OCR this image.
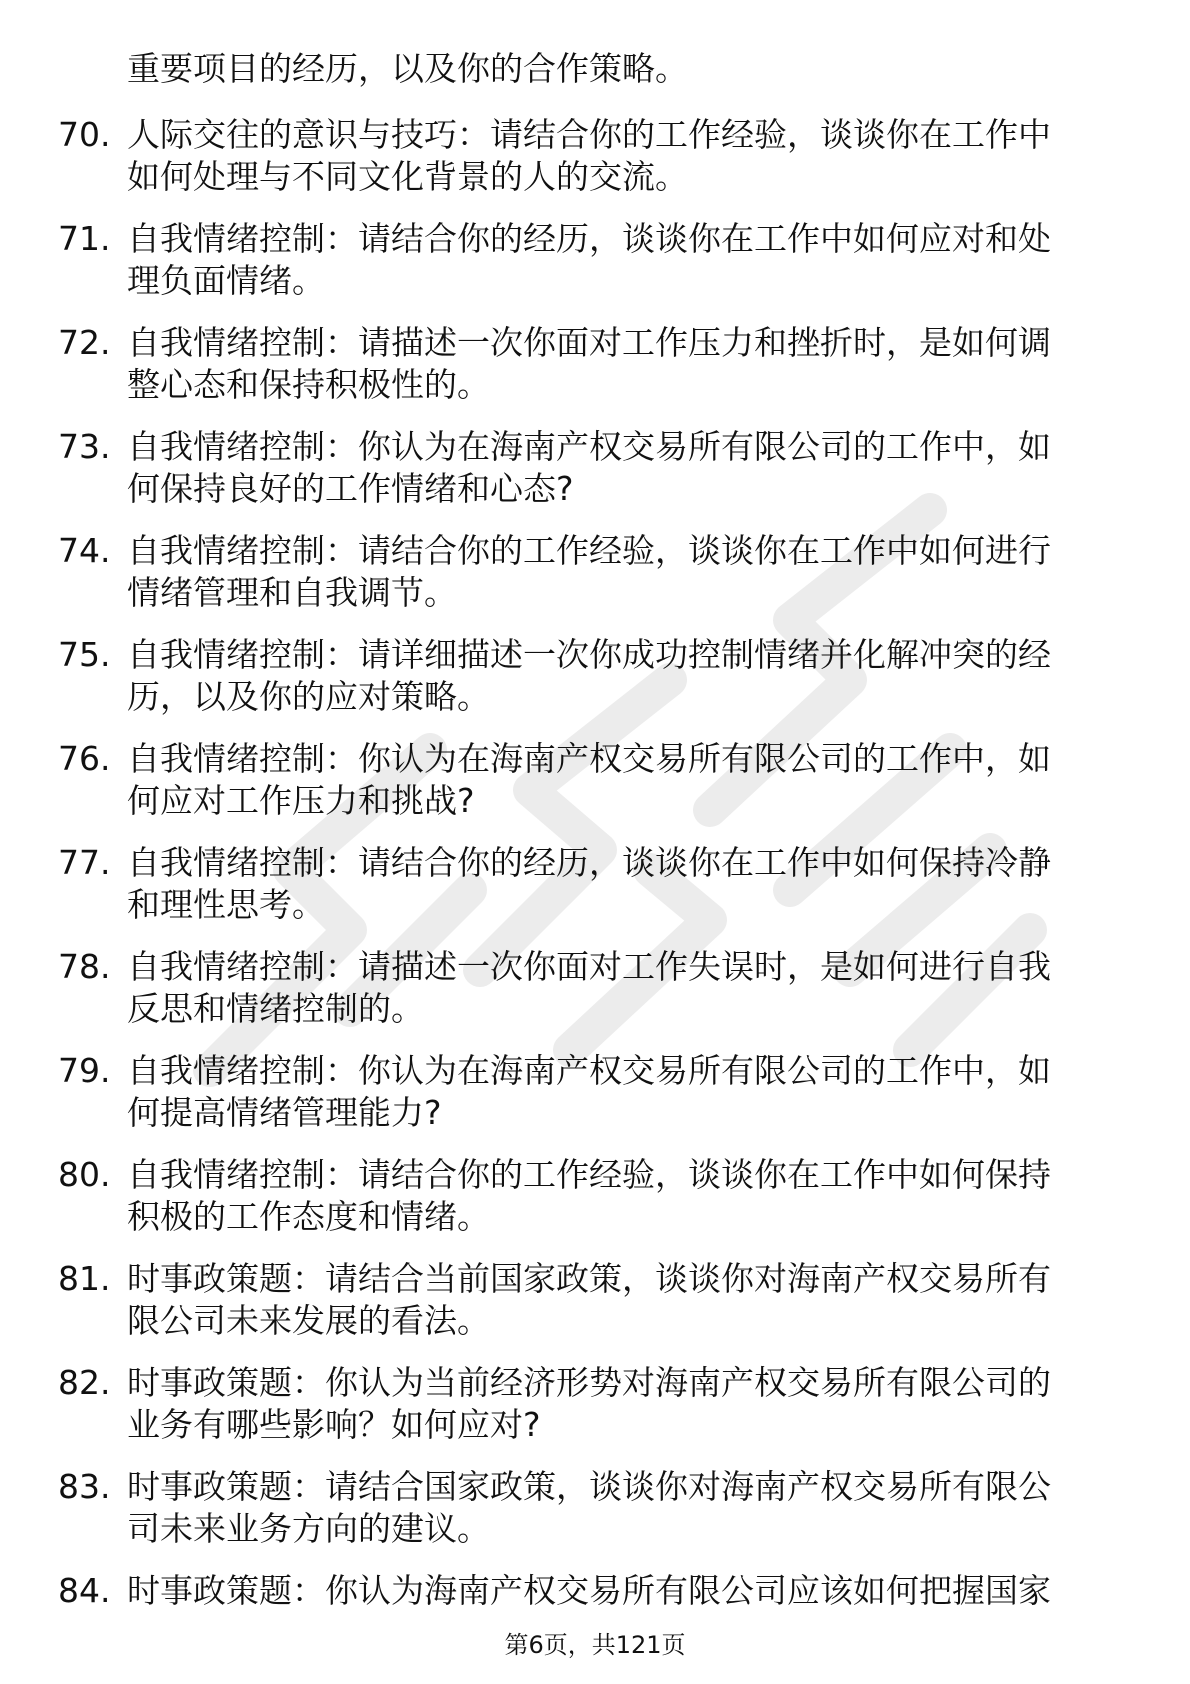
重要项目的经历，以及你的合作策略。
70. 人际交往的意识与技巧：请结合你的工作经验，谈谈你在工作中
如何处理与不同文化背景的人的交流。
71. 自我情绪控制：请结合你的经历，谈谈你在工作中如何应对和处
理负面情绪。
72. 自我情绪控制：请描述一次你面对工作压力和挫折时，是如何调
整心态和保持积极性的。
73. 自我情绪控制：你认为在海南产权交易所有限公司的工作中，如
何保持良好的工作情绪和心态?
74. 自我情绪控制：请结合你的工作经验，谈谈你在工作中如何进行
情绪管理和自我调节。
75. 自我情绪控制：请详细描述一次你成功控制情绪并化解冲突的经
历，以及你的应对策略。
76. 自我情绪控制：你认为在海南产权交易所有限公司的工作中，如
何应对工作压力和挑战?
77. 自我情绪控制：请结合你的经历，谈谈你在工作中如何保持冷静
和理性思考。
78. 自我情绪控制：请描述一次你面对工作失误时，是如何进行自我
反思和情绪控制的。
79. 自我情绪控制：你认为在海南产权交易所有限公司的工作中，如
何提高情绪管理能力?
80. 自我情绪控制：请结合你的工作经验，谈谈你在工作中如何保持
积极的工作态度和情绪。
81. 时事政策题：请结合当前国家政策，谈谈你对海南产权交易所有
限公司未来发展的看法。
82. 时事政策题：你认为当前经济形势对海南产权交易所有限公司的
业务有哪些影响？如何应对?
83. 时事政策题：请结合国家政策，谈谈你对海南产权交易所有限公
司未来业务方向的建议。
84. 时事政策题：你认为海南产权交易所有限公司应该如何把握国家
第6页，共121页
